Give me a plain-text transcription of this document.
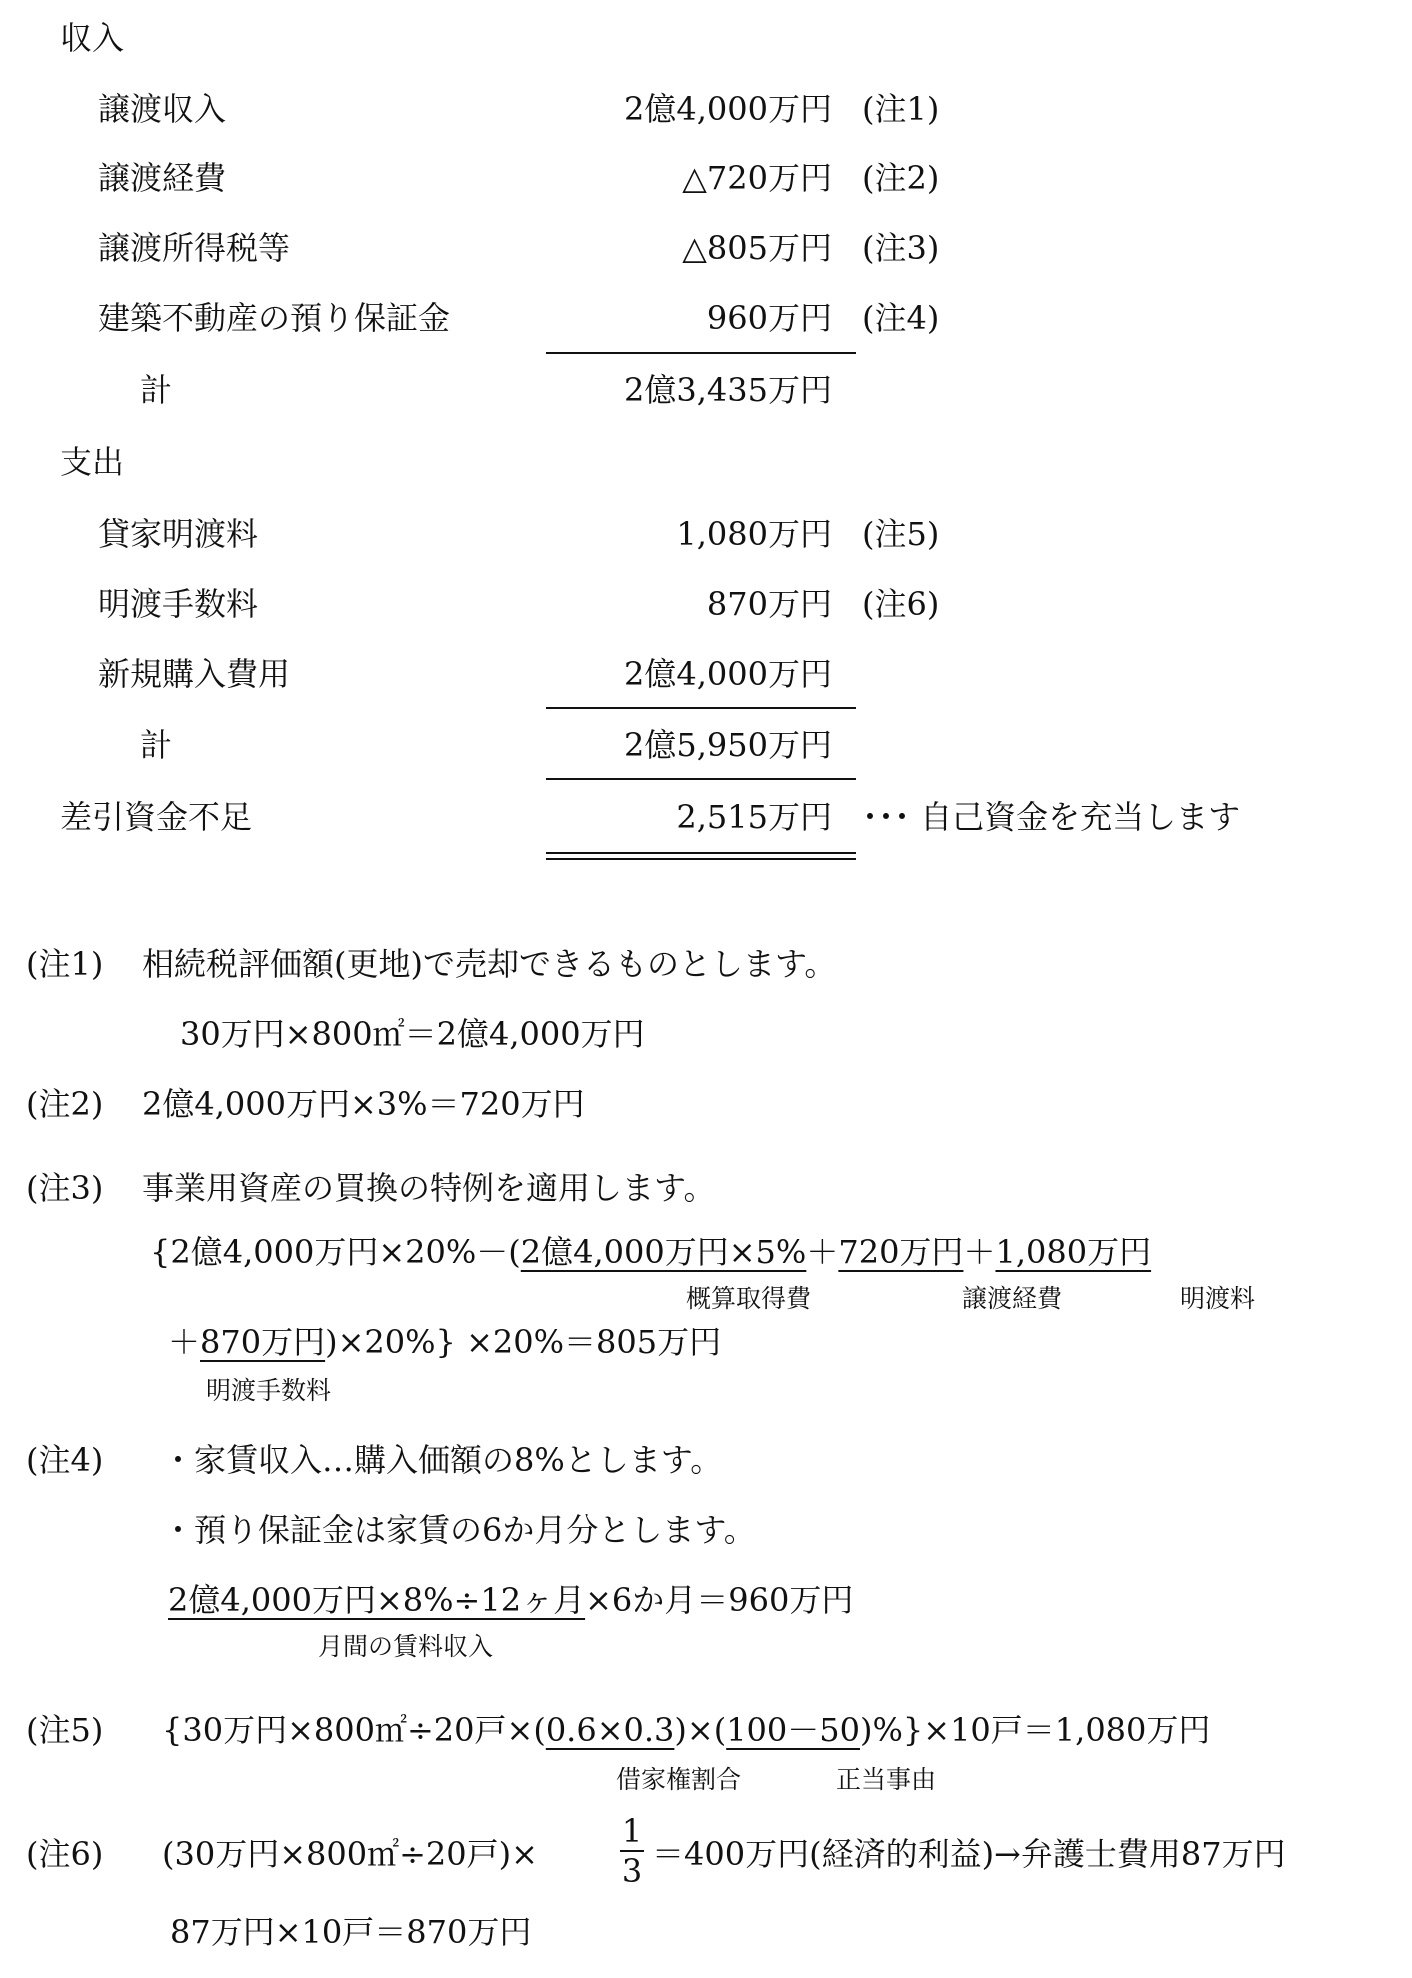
収入
譲渡収入	2億4,000万円 (注1)
譲渡経費	△720万円 (注2)
譲渡所得税等	△805万円 (注3)
建築不動産の預り保証金	960万円 (注4)
計	2億3,435万円
支出
貸家明渡料	1,080万円 (注5)
明渡手数料	870万円 (注6)
新規購入費用	2億4,000万円
計	2億5,950万円
差引資金不足	2,515万円 ･･･ 自己資金を充当します
(注1) 相続税評価額(更地)で売却できるものとします。
30万円×800㎡＝2億4,000万円
(注2) 2億4,000万円×3%＝720万円
(注3) 事業用資産の買換の特例を適用します。
{2億4,000万円×20%－(2億4,000万円×5%＋720万円＋1,080万円
概算取得費	譲渡経費	明渡料
＋870万円)×20%} ×20%＝805万円
明渡手数料
(注4) ・家賃収入…購入価額の8%とします。
・預り保証金は家賃の6か月分とします。
2億4,000万円×8%÷12ヶ月×6か月＝960万円
月間の賃料収入
(注5) {30万円×800㎡÷20戸×(0.6×0.3)×(100－50)%}×10戸＝1,080万円
借家権割合	正当事由
(注6) (30万円×800㎡÷20戸)×
1
3 ＝400万円(経済的利益)→弁護士費用87万円
87万円×10戸＝870万円
